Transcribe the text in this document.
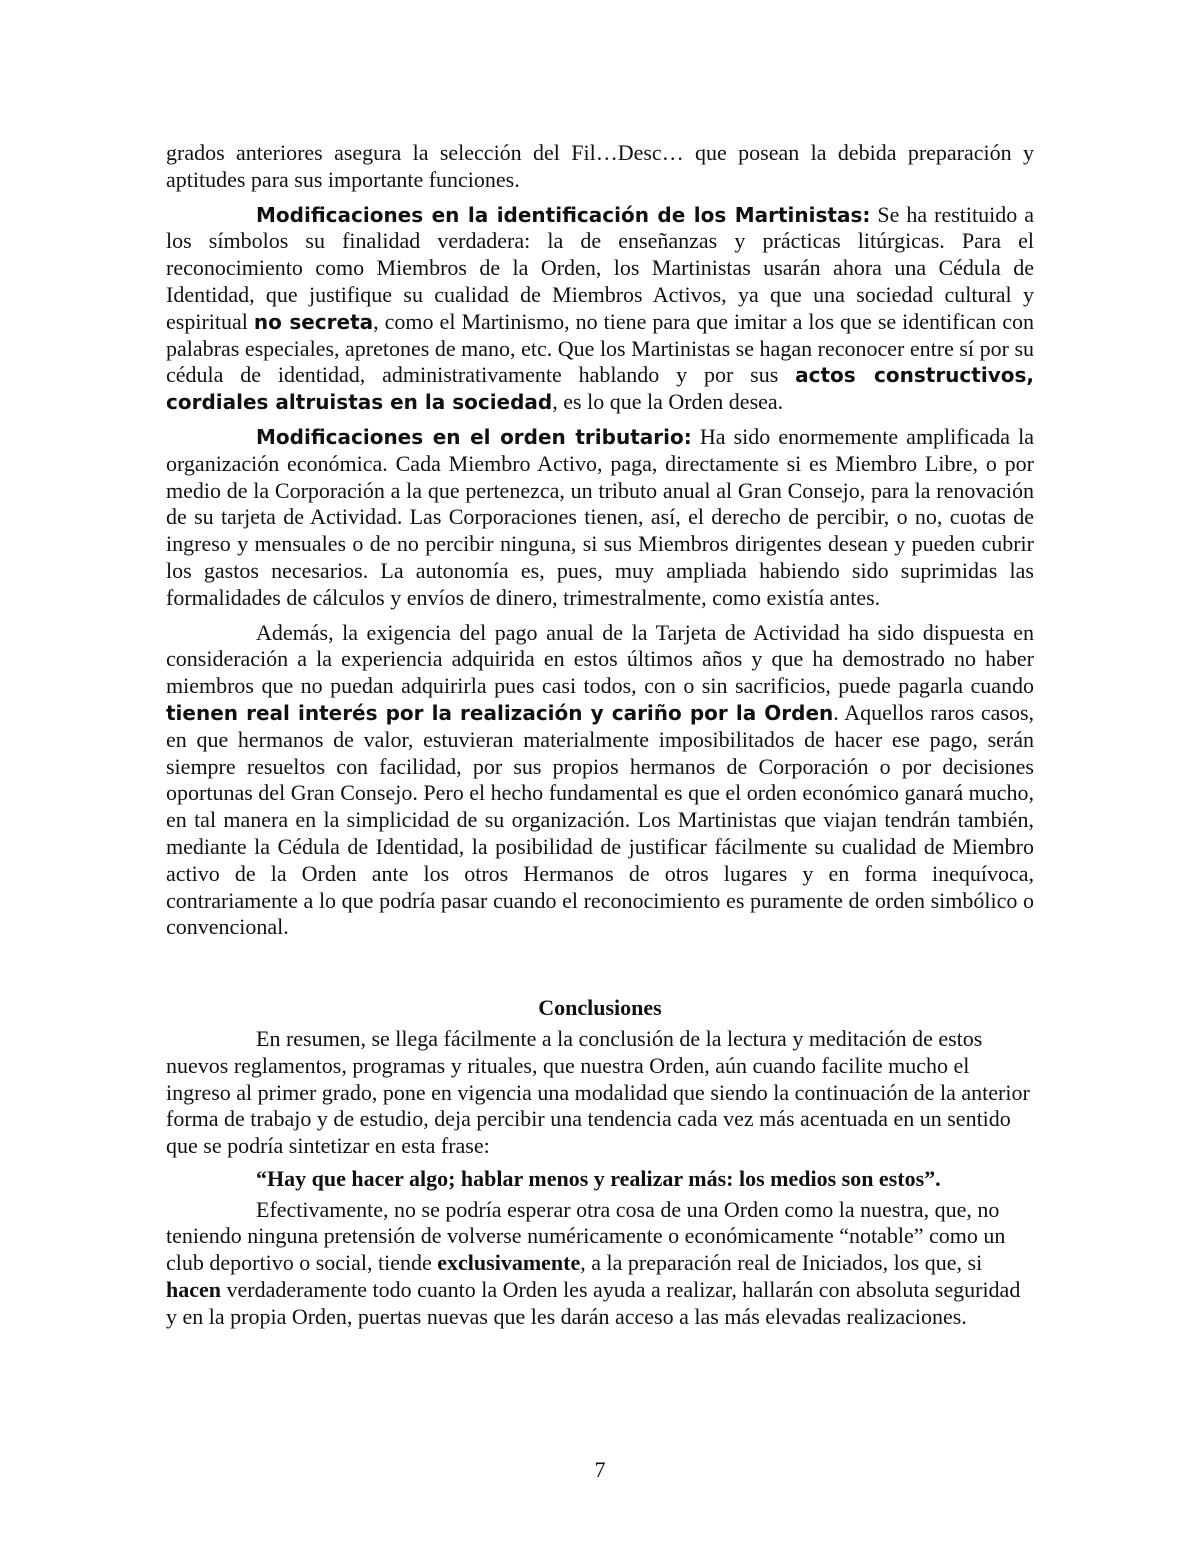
grados anteriores asegura la selección del Fil…Desc… que posean la debida preparación y aptitudes para sus importante funciones.

Modificaciones en la identificación de los Martinistas: Se ha restituido a los símbolos su finalidad verdadera: la de enseñanzas y prácticas litúrgicas. Para el reconocimiento como Miembros de la Orden, los Martinistas usarán ahora una Cédula de Identidad, que justifique su cualidad de Miembros Activos, ya que una sociedad cultural y espiritual no secreta, como el Martinismo, no tiene para que imitar a los que se identifican con palabras especiales, apretones de mano, etc. Que los Martinistas se hagan reconocer entre sí por su cédula de identidad, administrativamente hablando y por sus actos constructivos, cordiales altruistas en la sociedad, es lo que la Orden desea.

Modificaciones en el orden tributario: Ha sido enormemente amplificada la organización económica. Cada Miembro Activo, paga, directamente si es Miembro Libre, o por medio de la Corporación a la que pertenezca, un tributo anual al Gran Consejo, para la renovación de su tarjeta de Actividad. Las Corporaciones tienen, así, el derecho de percibir, o no, cuotas de ingreso y mensuales o de no percibir ninguna, si sus Miembros dirigentes desean y pueden cubrir los gastos necesarios. La autonomía es, pues, muy ampliada habiendo sido suprimidas las formalidades de cálculos y envíos de dinero, trimestralmente, como existía antes.

Además, la exigencia del pago anual de la Tarjeta de Actividad ha sido dispuesta en consideración a la experiencia adquirida en estos últimos años y que ha demostrado no haber miembros que no puedan adquirirla pues casi todos, con o sin sacrificios, puede pagarla cuando tienen real interés por la realización y cariño por la Orden. Aquellos raros casos, en que hermanos de valor, estuvieran materialmente imposibilitados de hacer ese pago, serán siempre resueltos con facilidad, por sus propios hermanos de Corporación o por decisiones oportunas del Gran Consejo. Pero el hecho fundamental es que el orden económico ganará mucho, en tal manera en la simplicidad de su organización. Los Martinistas que viajan tendrán también, mediante la Cédula de Identidad, la posibilidad de justificar fácilmente su cualidad de Miembro activo de la Orden ante los otros Hermanos de otros lugares y en forma inequívoca, contrariamente a lo que podría pasar cuando el reconocimiento es puramente de orden simbólico o convencional.

Conclusiones

En resumen, se llega fácilmente a la conclusión de la lectura y meditación de estos nuevos reglamentos, programas y rituales, que nuestra Orden, aún cuando facilite mucho el ingreso al primer grado, pone en vigencia una modalidad que siendo la continuación de la anterior forma de trabajo y de estudio, deja percibir una tendencia cada vez más acentuada en un sentido que se podría sintetizar en esta frase:

“Hay que hacer algo; hablar menos y realizar más: los medios son estos”.

Efectivamente, no se podría esperar otra cosa de una Orden como la nuestra, que, no teniendo ninguna pretensión de volverse numéricamente o económicamente “notable” como un club deportivo o social, tiende exclusivamente, a la preparación real de Iniciados, los que, si hacen verdaderamente todo cuanto la Orden les ayuda a realizar, hallarán con absoluta seguridad y en la propia Orden, puertas nuevas que les darán acceso a las más elevadas realizaciones.

7
